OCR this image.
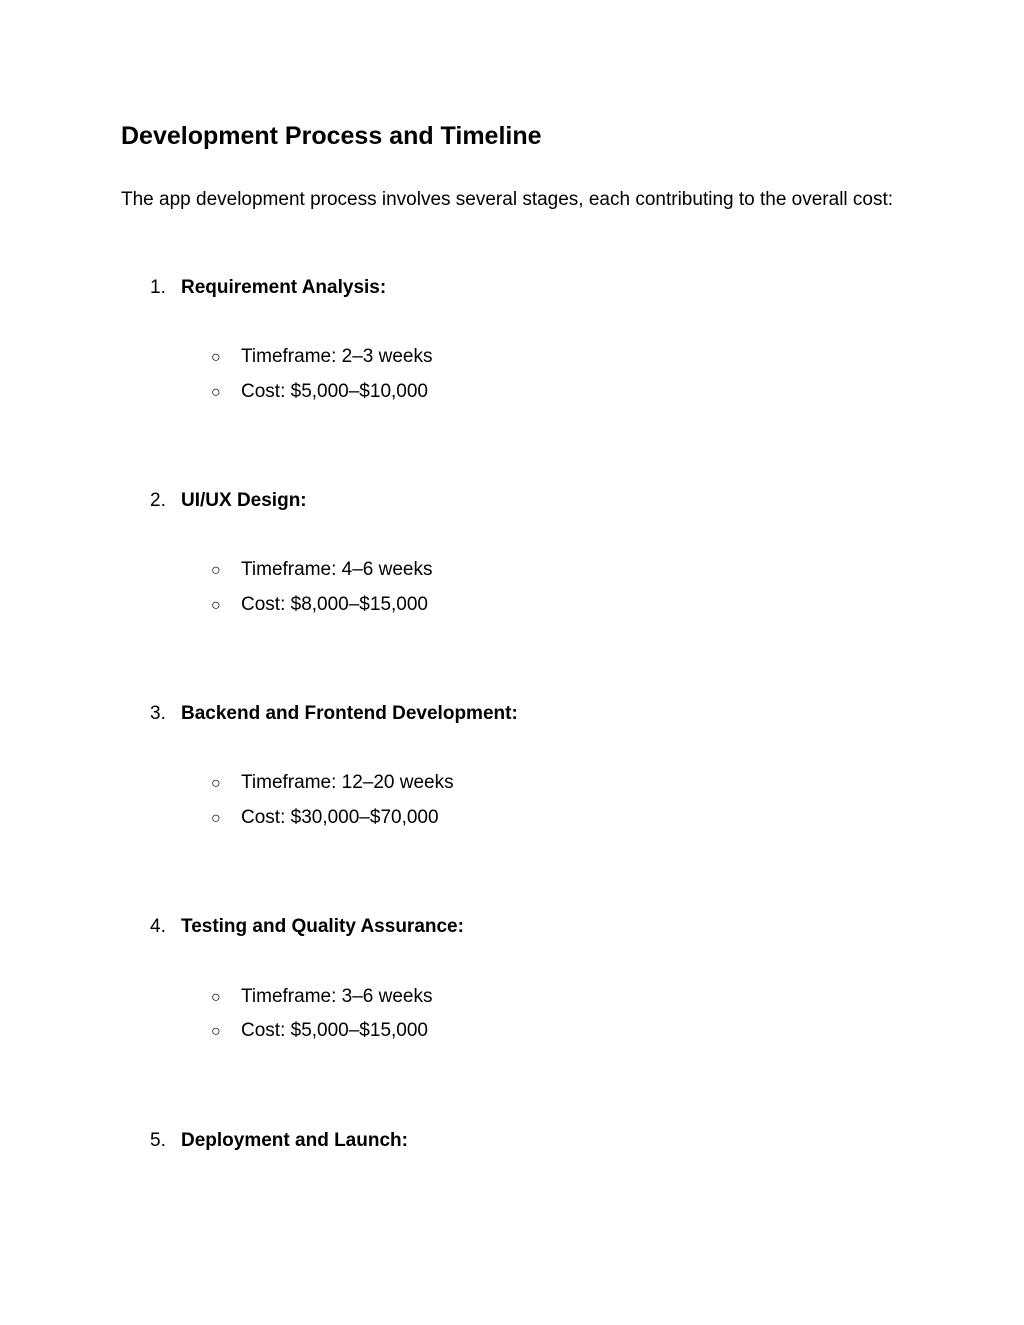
Development Process and Timeline

The app development process involves several stages, each contributing to the overall cost:

1. Requirement Analysis:
○ Timeframe: 2–3 weeks
○ Cost: $5,000–$10,000
2. UI/UX Design:
○ Timeframe: 4–6 weeks
○ Cost: $8,000–$15,000
3. Backend and Frontend Development:
○ Timeframe: 12–20 weeks
○ Cost: $30,000–$70,000
4. Testing and Quality Assurance:
○ Timeframe: 3–6 weeks
○ Cost: $5,000–$15,000
5. Deployment and Launch:
